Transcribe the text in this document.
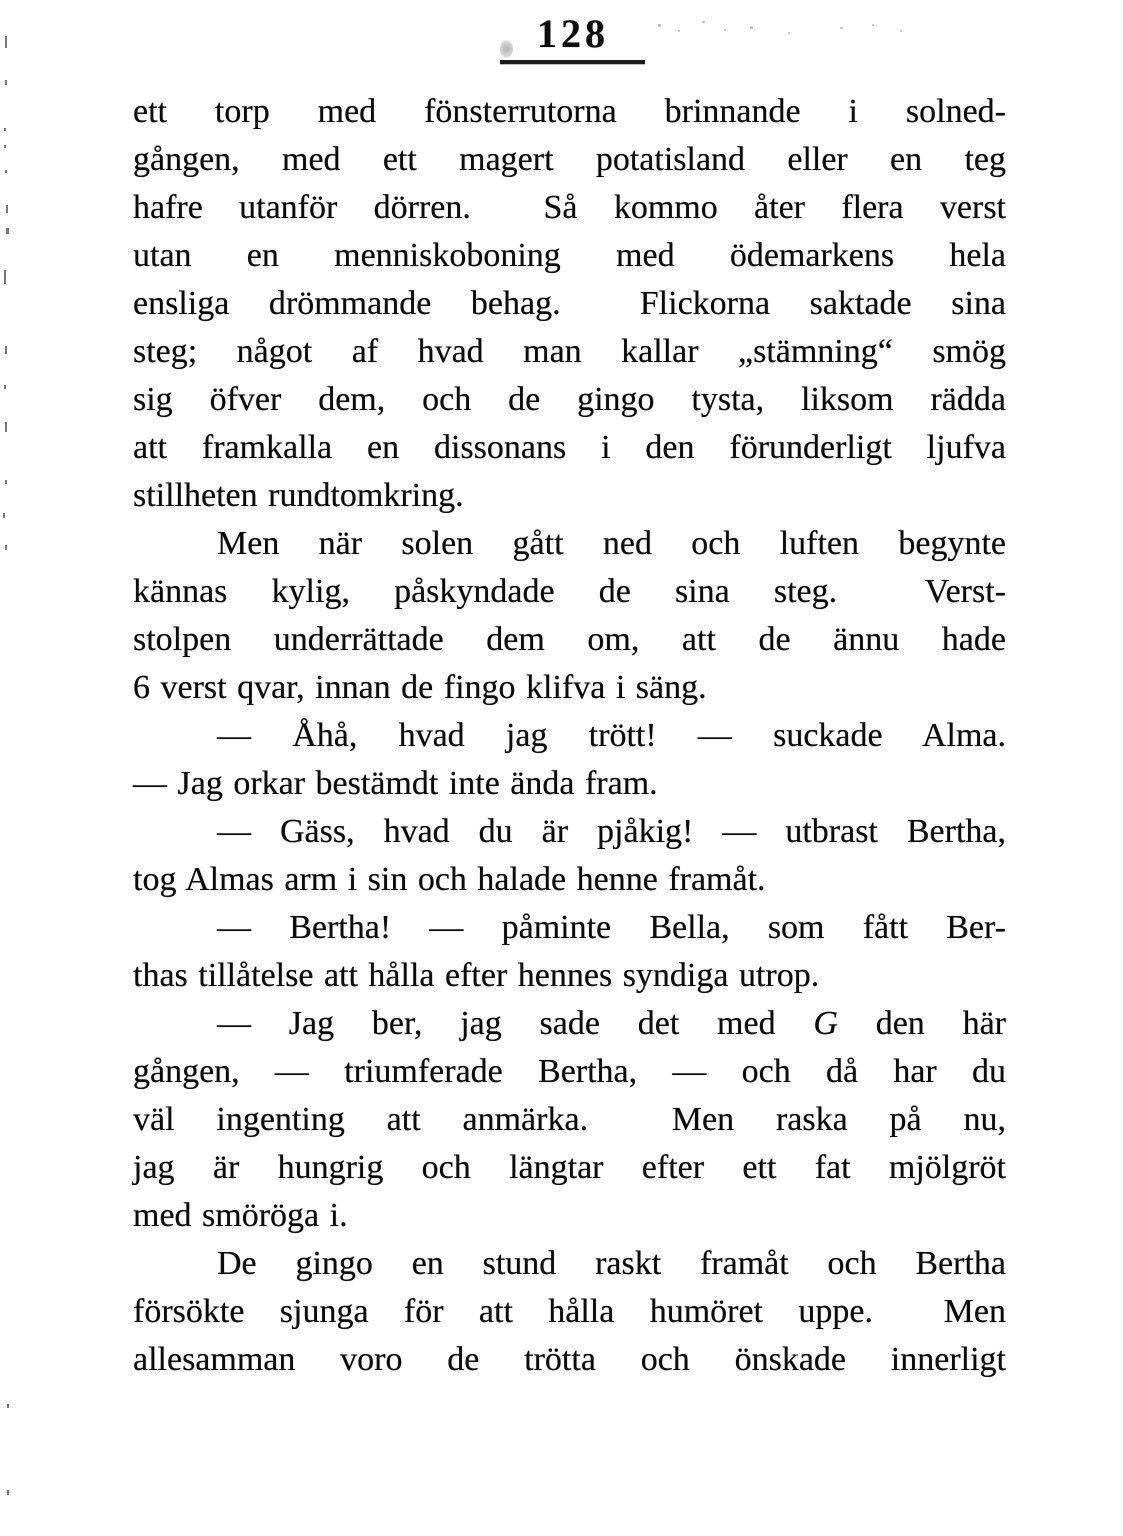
128
ett torp med fönsterrutorna brinnande i solned-
gången, med ett magert potatisland eller en teg
hafre utanför dörren.  Så kommo åter flera verst
utan en menniskoboning med ödemarkens hela
ensliga drömmande behag.  Flickorna saktade sina
steg; något af hvad man kallar „stämning“ smög
sig öfver dem, och de gingo tysta, liksom rädda
att framkalla en dissonans i den förunderligt ljufva
stillheten rundtomkring.
Men när solen gått ned och luften begynte
kännas kylig, påskyndade de sina steg.  Verst-
stolpen underrättade dem om, att de ännu hade
6 verst qvar, innan de fingo klifva i säng.
— Åhå, hvad jag trött! — suckade Alma.
— Jag orkar bestämdt inte ända fram.
— Gäss, hvad du är pjåkig! — utbrast Bertha,
tog Almas arm i sin och halade henne framåt.
— Bertha! — påminte Bella, som fått Ber-
thas tillåtelse att hålla efter hennes syndiga utrop.
— Jag ber, jag sade det med G den här
gången, — triumferade Bertha, — och då har du
väl ingenting att anmärka.  Men raska på nu,
jag är hungrig och längtar efter ett fat mjölgröt
med smöröga i.
De gingo en stund raskt framåt och Bertha
försökte sjunga för att hålla humöret uppe.  Men
allesamman voro de trötta och önskade innerligt
